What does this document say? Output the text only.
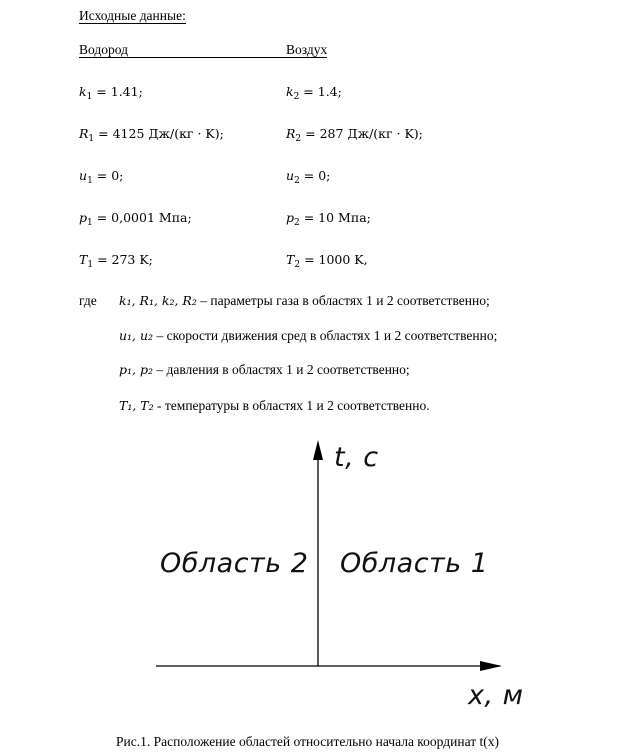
Исходные данные:
Водород	Воздух
$k_1 = 1.41$;	$k_2 = 1.4$;
$R_1 = 4125$ Дж/(кг · K);	$R_2 = 287$ Дж/(кг · K);
$u_1 = 0$;	$u_2 = 0$;
$p_1 = 0,0001$ Мпа;	$p_2 = 10$ Мпа;
$T_1 = 273$ K;	$T_2 = 1000$ K,
где k₁, R₁, k₂, R₂ – параметры газа в областях 1 и 2 соответственно;
u₁, u₂ – скорости движения сред в областях 1 и 2 соответственно;
p₁, p₂ – давления в областях 1 и 2 соответственно;
T₁, T₂ - температуры в областях 1 и 2 соответственно.
t, c
x, м
Область 2 Область 1
Рис.1. Расположение областей относительно начала координат t(x)
